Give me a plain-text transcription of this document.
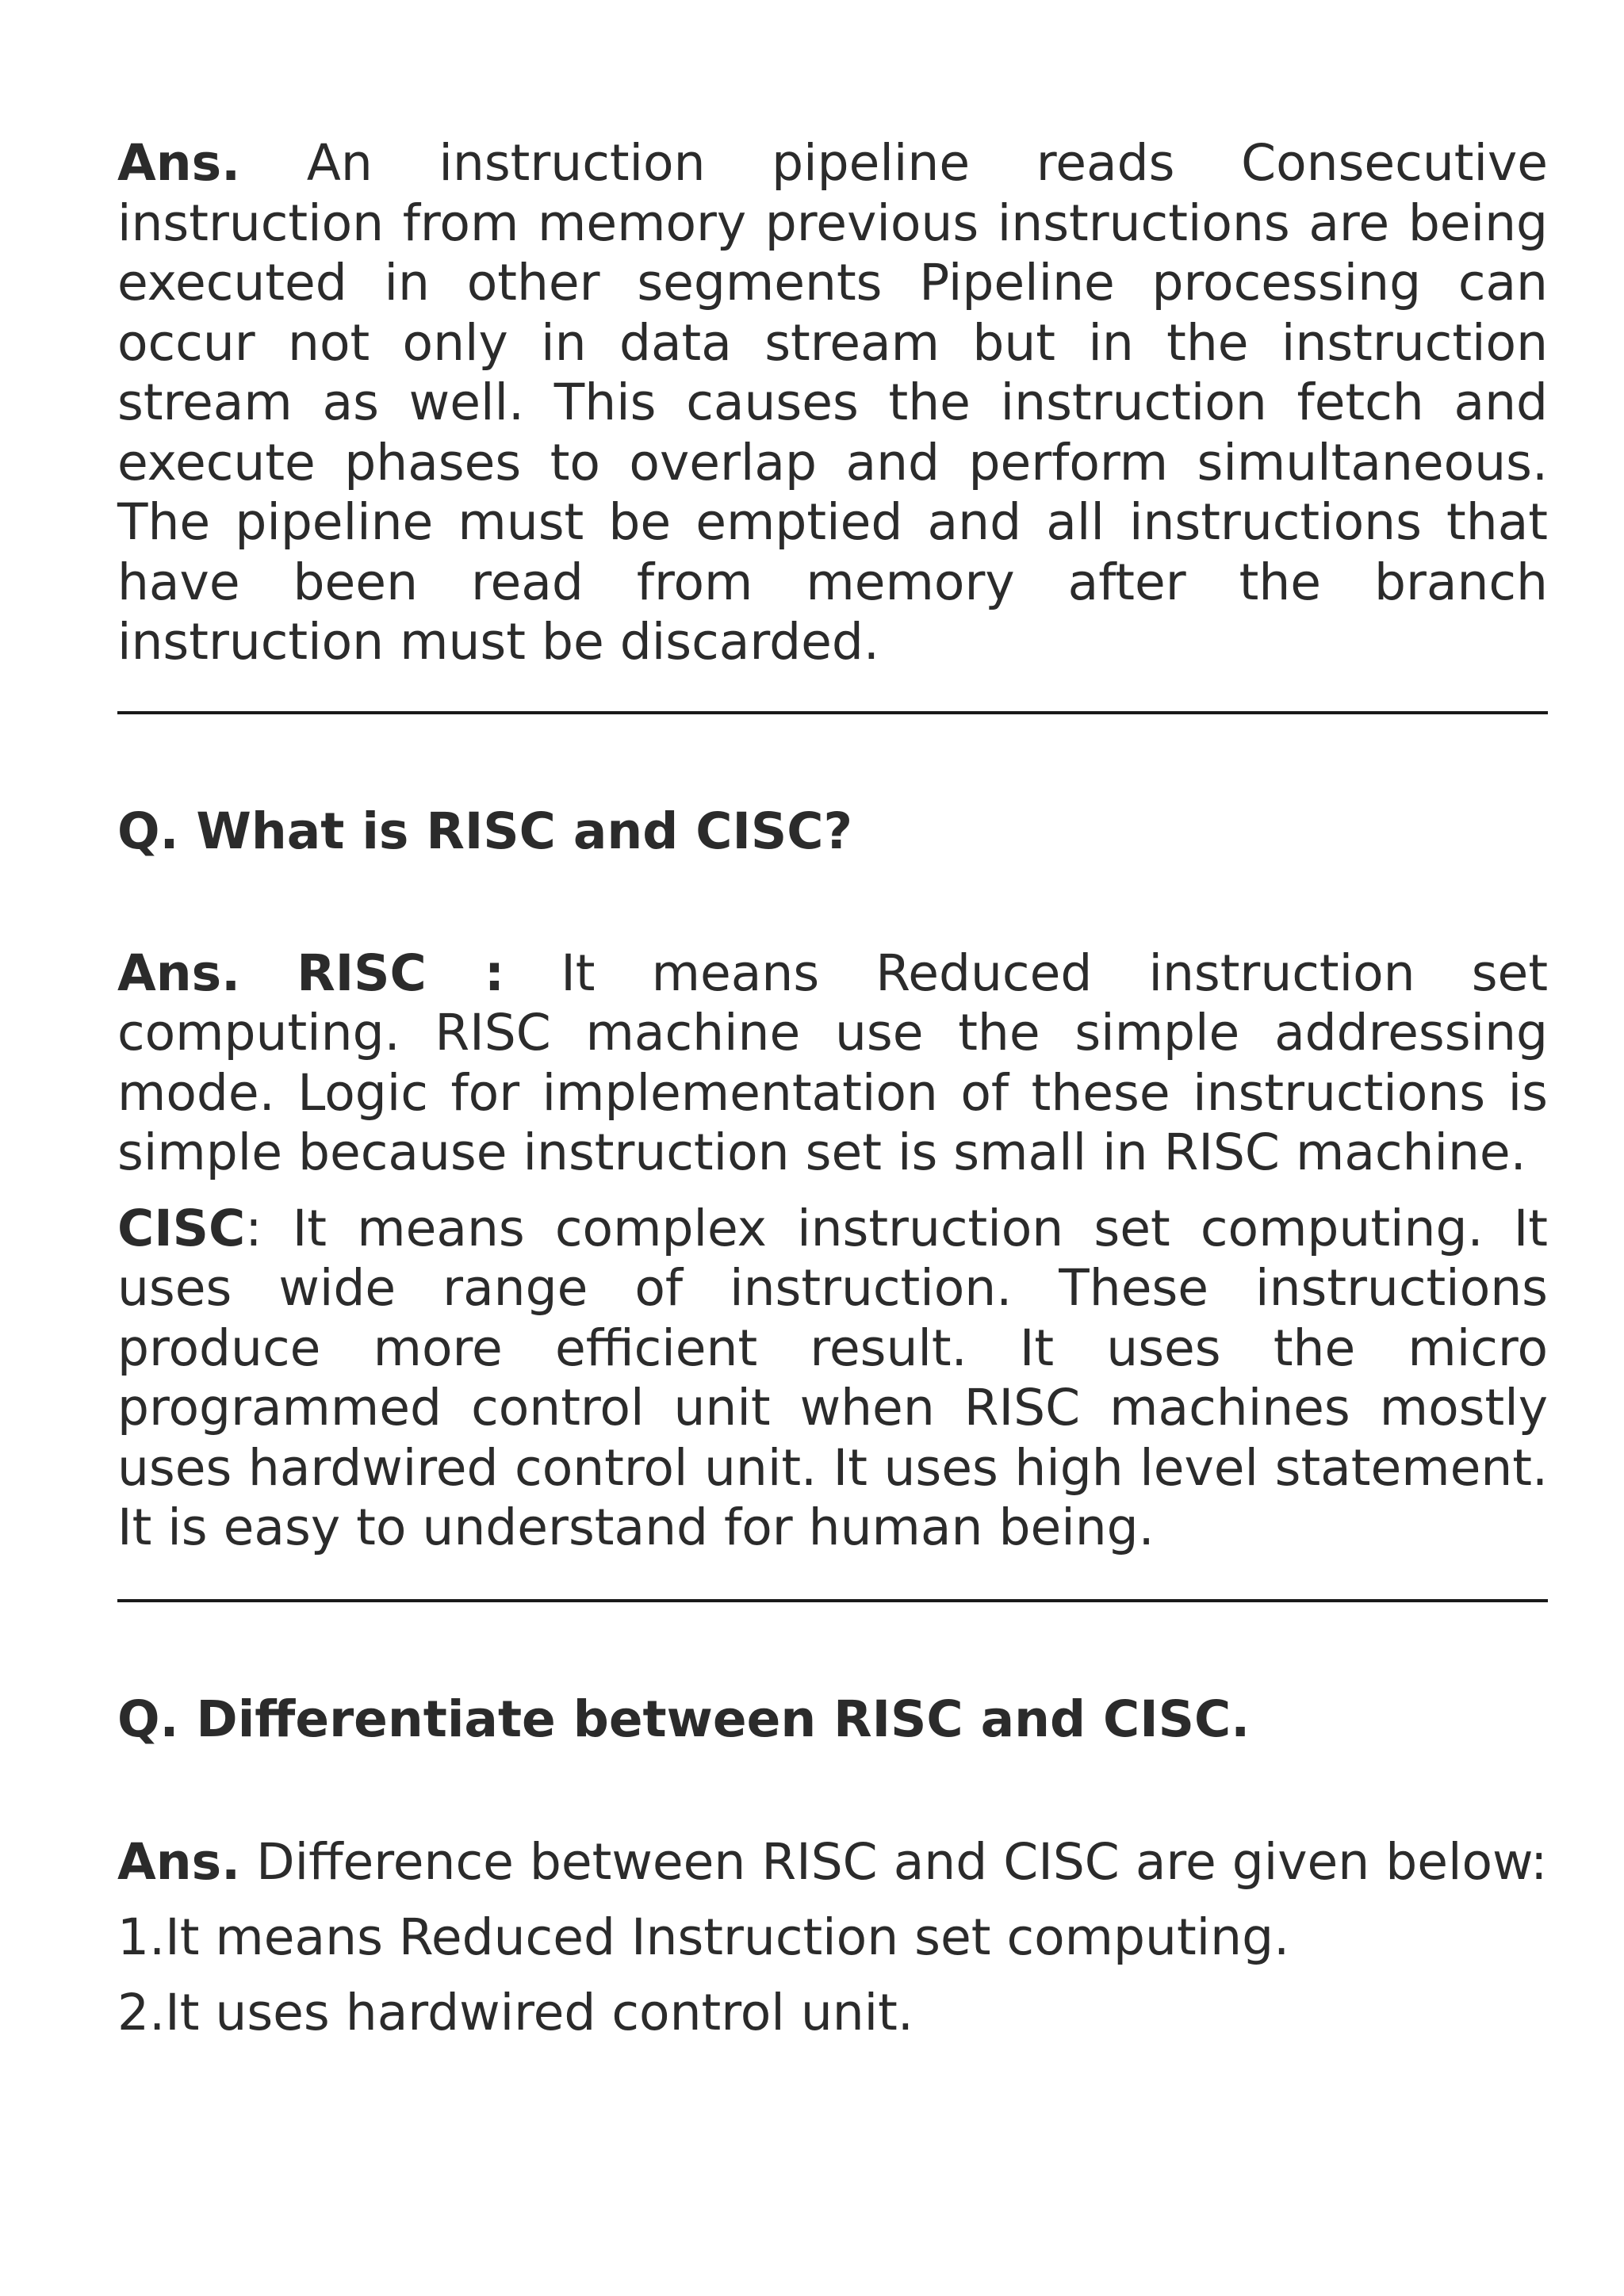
Ans. An instruction pipeline reads Consecutive instruction from memory previous instructions are being executed in other segments Pipeline processing can occur not only in data stream but in the instruction stream as well. This causes the instruction fetch and execute phases to overlap and perform simultaneous. The pipeline must be emptied and all instructions that have been read from memory after the branch instruction must be discarded.

Q. What is RISC and CISC?

Ans. RISC : It means Reduced instruction set computing. RISC machine use the simple addressing mode. Logic for implementation of these instructions is simple because instruction set is small in RISC machine.

CISC: It means complex instruction set computing. It uses wide range of instruction. These instructions produce more efficient result. It uses the micro programmed control unit when RISC machines mostly uses hardwired control unit. It uses high level statement. It is easy to understand for human being.

Q. Differentiate between RISC and CISC.

Ans. Difference between RISC and CISC are given below:

1.It means Reduced Instruction set computing.

2.It uses hardwired control unit.
